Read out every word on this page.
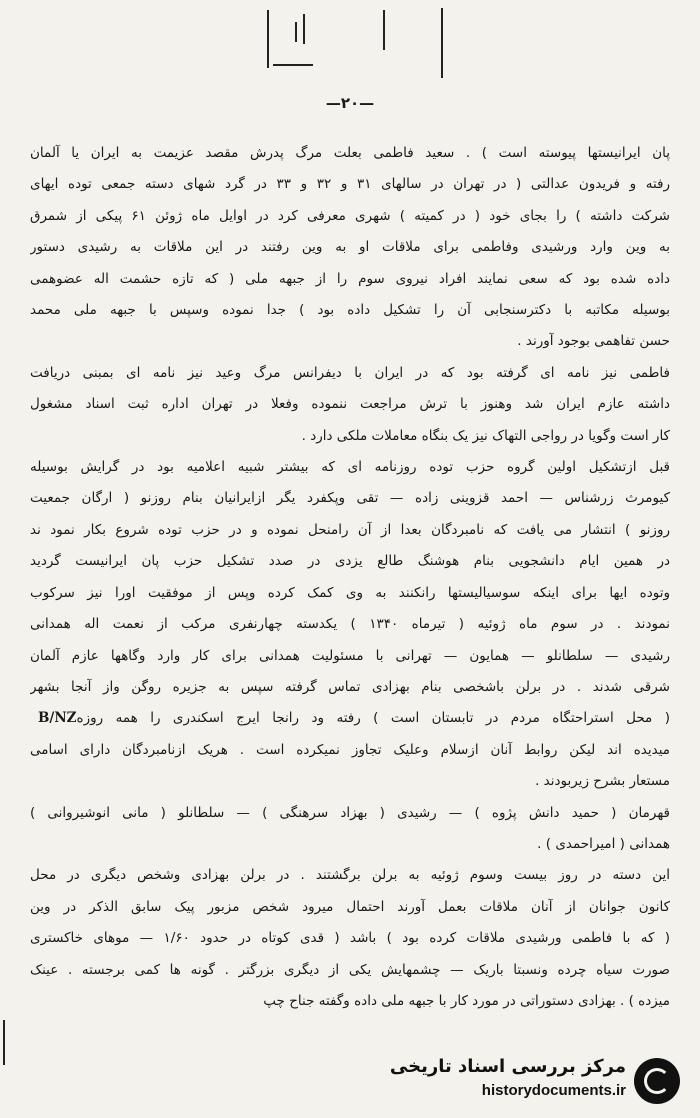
—۲۰—
پان ایرانیستها پیوسته است ) . سعید فاطمی بعلت مرگ پدرش مقصد عزیمت به ایران یا آلمان
رفته و فریدون عدالتی ( در تهران در سالهای ۳۱ و ۳۲ و ۳۳ در گرد شهای دسته جمعی توده ایهای
شرکت داشته ) را بجای خود ( در کمیته ) شهری معرفی کرد در اوایل ماه ژوئن ۶۱ پیکی از شمرق
به وین وارد ورشیدی وفاطمی برای ملاقات او به وین رفتند در این ملاقات به رشیدی دستور
داده شده بود که سعی نمایند افراد نیروی سوم را از جبهه ملی ( که تازه حشمت اله عضوهمی
بوسیله مکاتبه با دکترسنجابی آن را تشکیل داده بود ) جدا نموده وسپس با جبهه ملی محمد
حسن تفاهمی بوجود آورند .
فاطمی نیز نامه ای گرفته بود که در ایران با دیفرانس مرگ وعید نیز نامه ای بمبنی دریافت
داشته عازم ایران شد وهنوز با ترش مراجعت ننموده وفعلا در تهران اداره ثبت اسناد مشغول
کار است وگویا در رواجی التهاک نیز یک بنگاه معاملات ملکی دارد .
قبل ازتشکیل اولین گروه حزب توده روزنامه ای که بیشتر شبیه اعلامیه بود در گرایش بوسیله
کیومرث زرشناس — احمد قزوینی زاده — تقی وپکفرد یگر ازایرانیان بنام روزنو ( ارگان جمعیت
روزنو ) انتشار می یافت که نامبردگان بعدا از آن رامنحل نموده و در حزب توده شروع بکار نمود ند
در همین ایام دانشجویی بنام هوشنگ طالع یزدی در صدد تشکیل حزب پان ایرانیست گردید
وتوده ایها برای اینکه سوسیالیستها رانکنند به وی کمک کرده وپس از موفقیت اورا نیز سرکوب
نمودند . در سوم ماه ژوئیه ( تیرماه ۱۳۴۰ ) یکدسته چهارنفری مرکب از نعمت اله همدانی
رشیدی — سلطانلو — همایون — تهرانی با مسئولیت همدانی برای کار وارد وگاهها عازم آلمان
شرقی شدند . در برلن باشخصی بنام بهزادی تماس گرفته سپس به جزیره روگن واز آنجا بشهر
( محل استراحتگاه مردم در تابستان است ) رفته ود رانجا ایرج اسکندری را همه روزهB/NZ
میدیده اند لیکن روابط آنان ازسلام وعلیک تجاوز نمیکرده است . هریک ازنامبردگان دارای اسامی
مستعار بشرح زیربودند .
قهرمان ( حمید دانش پژوه ) — رشیدی ( بهزاد سرهنگی ) — سلطانلو ( مانی انوشیروانی )
همدانی ( امیراحمدی ) .
این دسته در روز بیست وسوم ژوئیه به برلن برگشتند . در برلن بهزادی وشخص دیگری در محل
کانون جوانان از آنان ملاقات بعمل آورند احتمال میرود شخص مزبور پیک سابق الذکر در وین
( که با فاطمی ورشیدی ملاقات کرده بود ) باشد ( قدی کوتاه در حدود ۱/۶۰ — موهای خاکستری
صورت سیاه چرده ونسبتا باریک — چشمهایش یکی از دیگری بزرگتر . گونه ها کمی برجسته . عینک
میزده ) . بهزادی دستوراتی در مورد کار با جبهه ملی داده وگفته جناح چپ
مرکز بررسی اسناد تاریخی
historydocuments.ir
